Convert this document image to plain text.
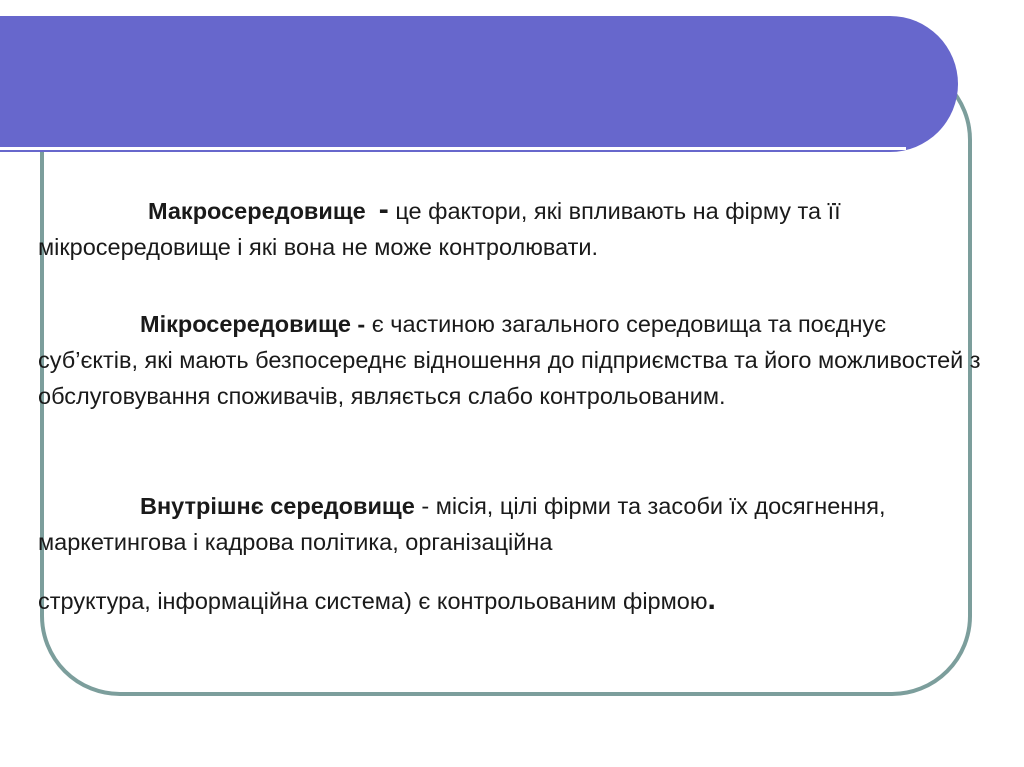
Макросередовище - це фактори, які впливають на фірму та її мікросередовище і які вона не може контролювати.

Мікросередовище - є частиною загального середовища та поєднує суб’єктів, які мають безпосереднє відношення до підприємства та його можливостей з обслуговування споживачів, являється слабо контрольованим.

Внутрішнє середовище - місія, цілі фірми та засоби їх досягнення, маркетингова і кадрова політика, організаційна
структура, інформаційна система) є контрольованим фірмою.
